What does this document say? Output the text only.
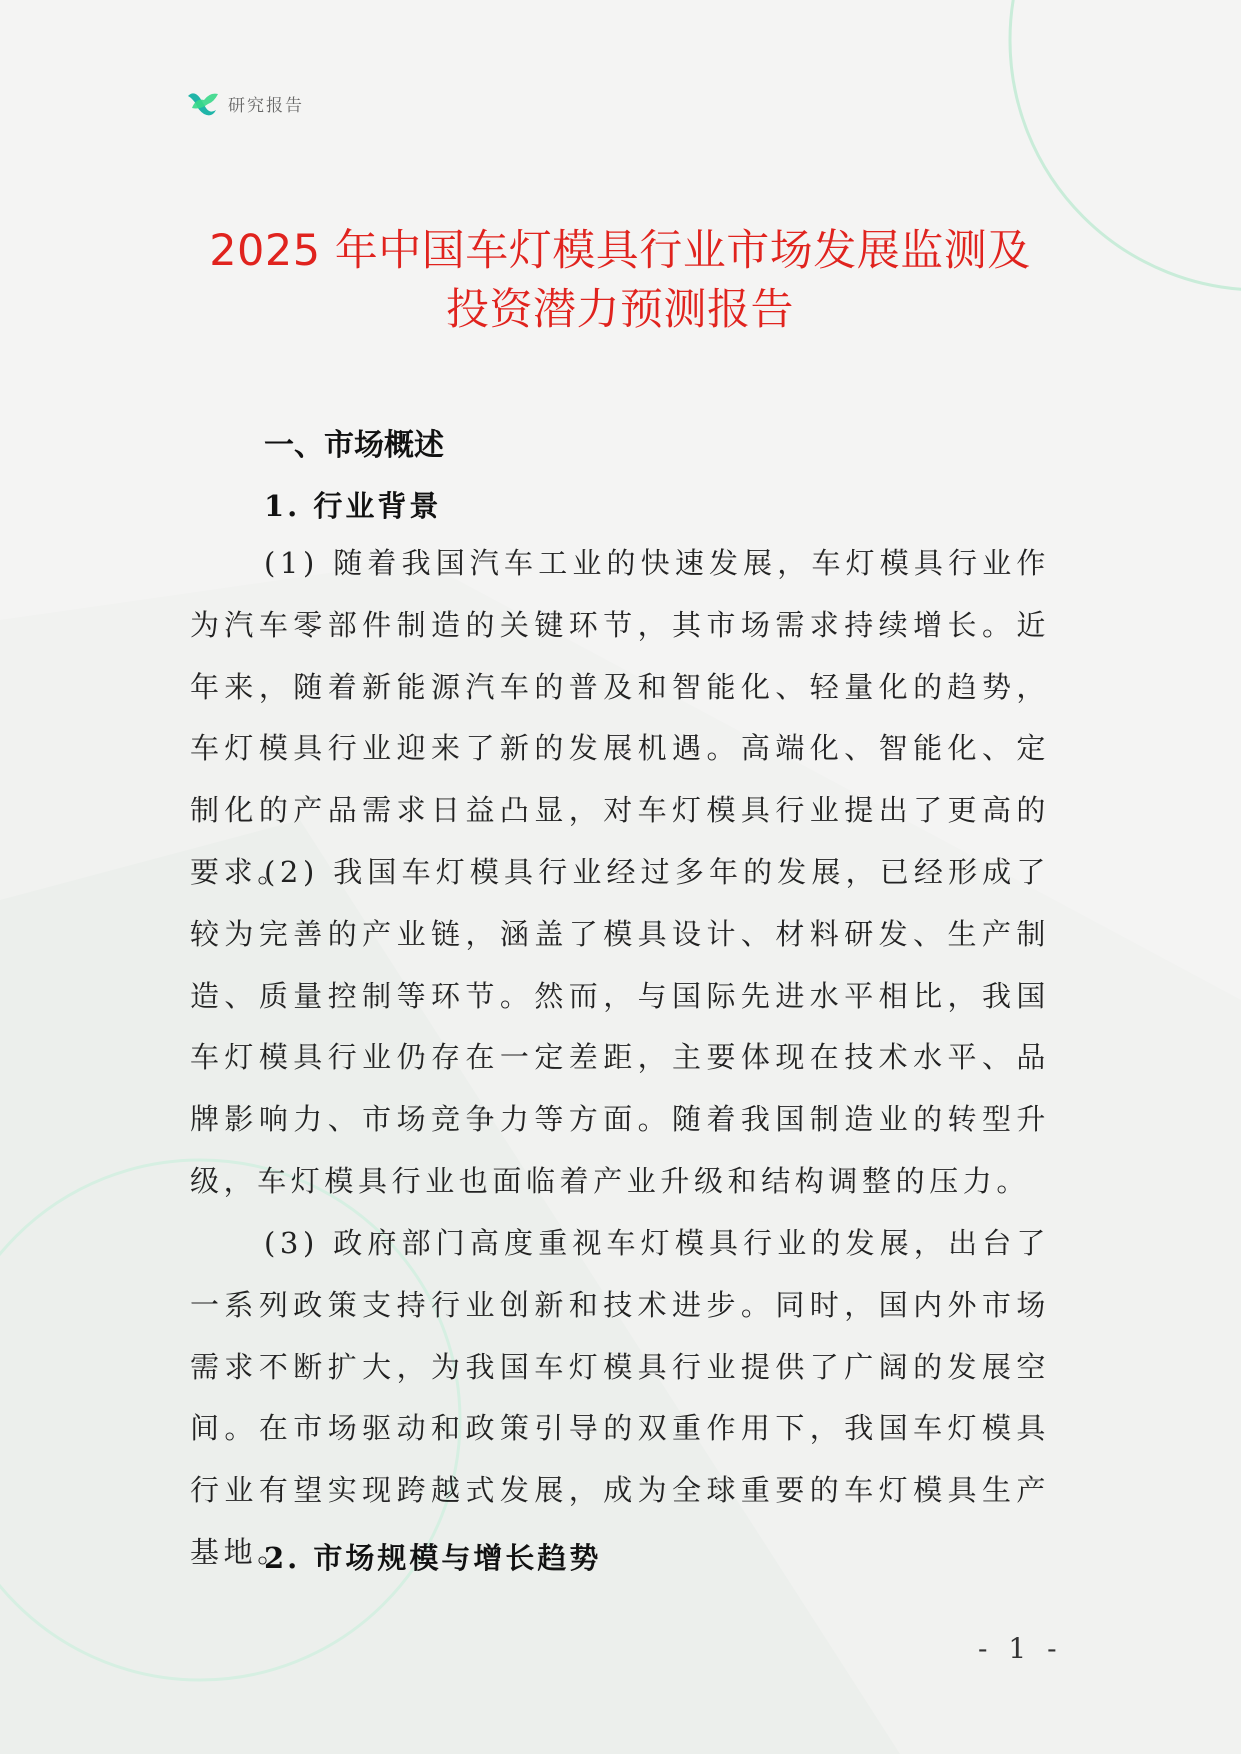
研究报告
2025 年中国车灯模具行业市场发展监测及
投资潜力预测报告
一、市场概述
1. 行业背景

(1) 随着我国汽车工业的快速发展，车灯模具行业作为汽车零部件制造的关键环节，其市场需求持续增长。近年来，随着新能源汽车的普及和智能化、轻量化的趋势，车灯模具行业迎来了新的发展机遇。高端化、智能化、定制化的产品需求日益凸显，对车灯模具行业提出了更高的要求。

(2) 我国车灯模具行业经过多年的发展，已经形成了较为完善的产业链，涵盖了模具设计、材料研发、生产制造、质量控制等环节。然而，与国际先进水平相比，我国车灯模具行业仍存在一定差距，主要体现在技术水平、品牌影响力、市场竞争力等方面。随着我国制造业的转型升级，车灯模具行业也面临着产业升级和结构调整的压力。

(3) 政府部门高度重视车灯模具行业的发展，出台了一系列政策支持行业创新和技术进步。同时，国内外市场需求不断扩大，为我国车灯模具行业提供了广阔的发展空间。在市场驱动和政策引导的双重作用下，我国车灯模具行业有望实现跨越式发展，成为全球重要的车灯模具生产基地。

2. 市场规模与增长趋势
- 1 -
